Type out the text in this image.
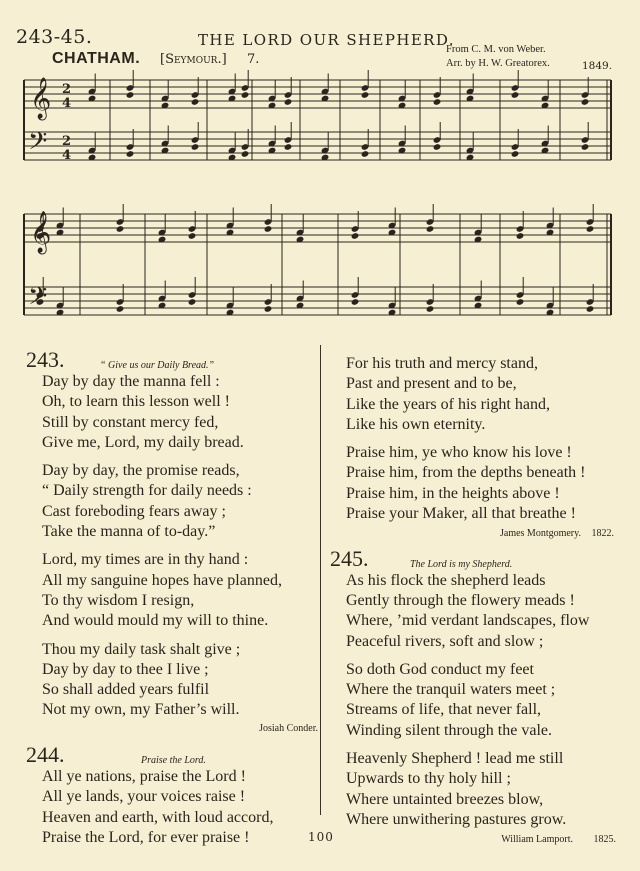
243-45.	THE LORD OUR SHEPHERD.
CHATHAM. [Seymour.] 7.
From C. M. von Weber.
Arr. by H. W. Greatorex.	1849.
𝄞
𝄞
𝄢
𝄢
2
4
2
4
243.	“ Give us our Daily Bread.”
Day by day the manna fell :
Oh, to learn this lesson well !
Still by constant mercy fed,
Give me, Lord, my daily bread.
Day by day, the promise reads,
“ Daily strength for daily needs :
Cast foreboding fears away ;
Take the manna of to-day.”
Lord, my times are in thy hand :
All my sanguine hopes have planned,
To thy wisdom I resign,
And would mould my will to thine.
Thou my daily task shalt give ;
Day by day to thee I live ;
So shall added years fulfil
Not my own, my Father’s will.
Josiah Conder.
244.	Praise the Lord.
All ye nations, praise the Lord !
All ye lands, your voices raise !
Heaven and earth, with loud accord,
Praise the Lord, for ever praise !
For his truth and mercy stand,
Past and present and to be,
Like the years of his right hand,
Like his own eternity.
Praise him, ye who know his love !
Praise him, from the depths beneath !
Praise him, in the heights above !
Praise your Maker, all that breathe !
James Montgomery. 1822.
245.	The Lord is my Shepherd.
As his flock the shepherd leads
Gently through the flowery meads !
Where, ’mid verdant landscapes, flow
Peaceful rivers, soft and slow ;
So doth God conduct my feet
Where the tranquil waters meet ;
Streams of life, that never fall,
Winding silent through the vale.
Heavenly Shepherd ! lead me still
Upwards to thy holy hill ;
Where untainted breezes blow,
Where unwithering pastures grow.
William Lamport. 1825.
100
